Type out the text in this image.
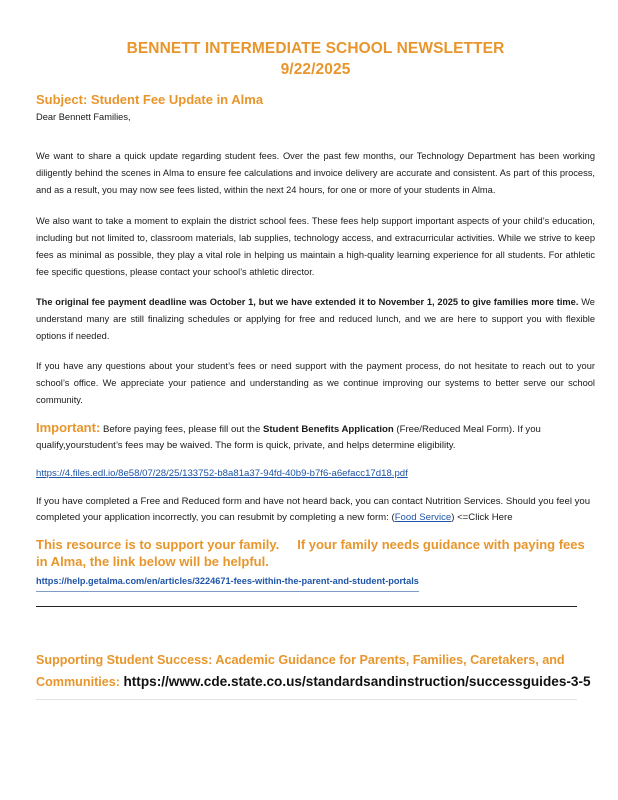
BENNETT INTERMEDIATE SCHOOL NEWSLETTER
9/22/2025
Subject: Student Fee Update in Alma
Dear Bennett Families,
We want to share a quick update regarding student fees. Over the past few months, our Technology Department has been working diligently behind the scenes in Alma to ensure fee calculations and invoice delivery are accurate and consistent. As part of this process, and as a result, you may now see fees listed, within the next 24 hours, for one or more of your students in Alma.
We also want to take a moment to explain the district school fees. These fees help support important aspects of your child’s education, including but not limited to, classroom materials, lab supplies, technology access, and extracurricular activities. While we strive to keep fees as minimal as possible, they play a vital role in helping us maintain a high-quality learning experience for all students. For athletic fee specific questions, please contact your school’s athletic director.
The original fee payment deadline was October 1, but we have extended it to November 1, 2025 to give families more time. We understand many are still finalizing schedules or applying for free and reduced lunch, and we are here to support you with flexible options if needed.
If you have any questions about your student’s fees or need support with the payment process, do not hesitate to reach out to your school’s office. We appreciate your patience and understanding as we continue improving our systems to better serve our school community.
Important: Before paying fees, please fill out the Student Benefits Application (Free/Reduced Meal Form). If you qualify,yourstudent’s fees may be waived. The form is quick, private, and helps determine eligibility.
https://4.files.edl.io/8e58/07/28/25/133752-b8a81a37-94fd-40b9-b7f6-a6efacc17d18.pdf
If you have completed a Free and Reduced form and have not heard back, you can contact Nutrition Services. Should you feel you completed your application incorrectly, you can resubmit by completing a new form: (Food Service) <=Click Here
This resource is to support your family. If your family needs guidance with paying fees in Alma, the link below will be helpful.
https://help.getalma.com/en/articles/3224671-fees-within-the-parent-and-student-portals
Supporting Student Success: Academic Guidance for Parents, Families, Caretakers, and Communities: https://www.cde.state.co.us/standardsandinstruction/successguides-3-5
